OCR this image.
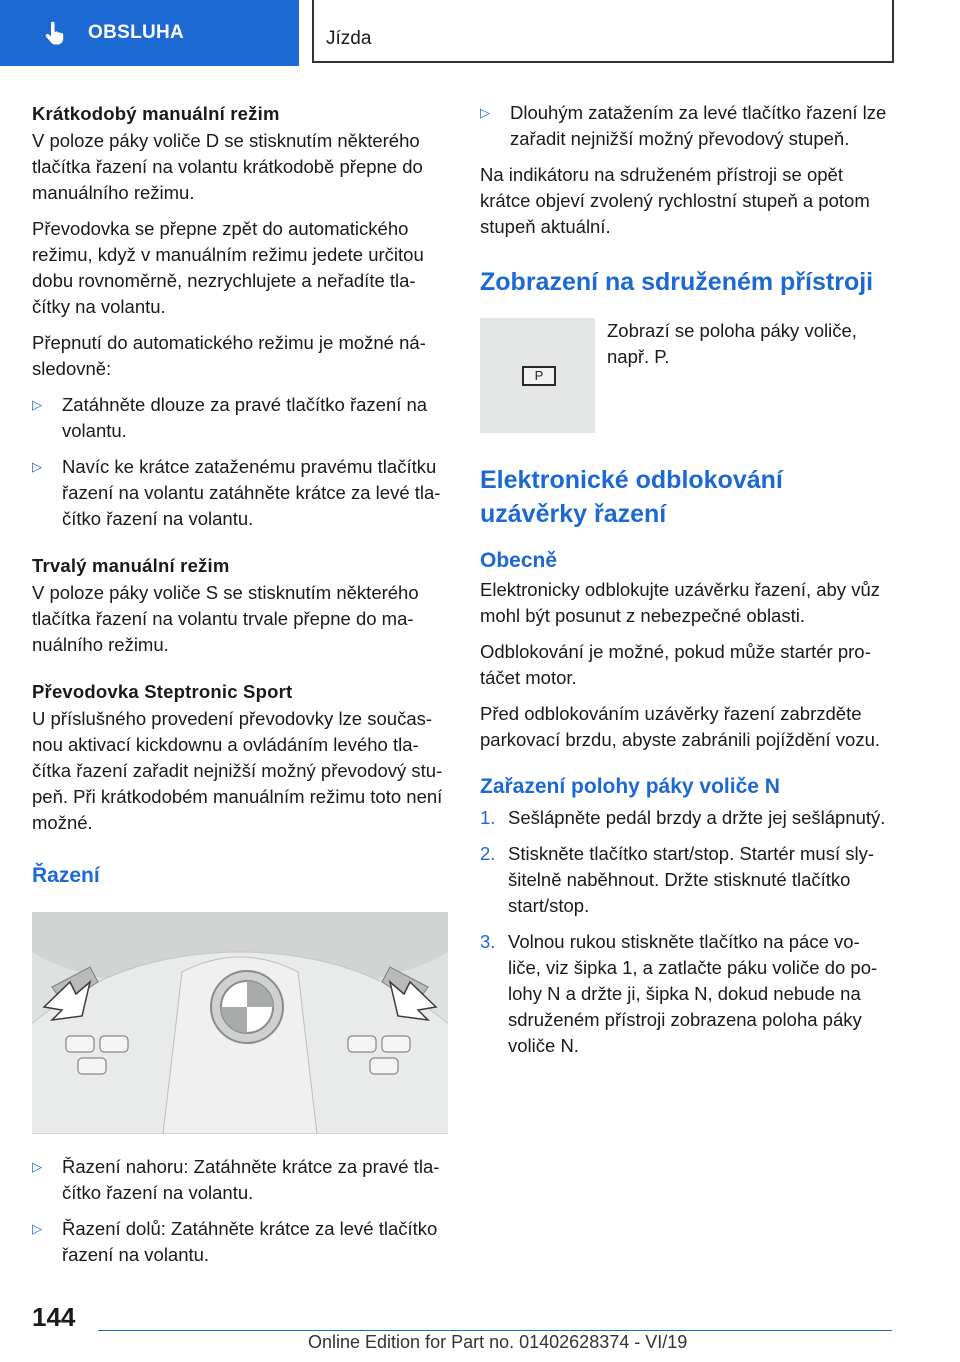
OBSLUHA	Jízda
Krátkodobý manuální režim

V poloze páky voliče D se stisknutím některého tlačítka řazení na volantu krátkodobě přepne do manuálního režimu.

Převodovka se přepne zpět do automatického režimu, když v manuálním režimu jedete určitou dobu rovnoměrně, nezrychlujete a neřadíte tla‐ čítky na volantu.

Přepnutí do automatického režimu je možné ná‐ sledovně:

▷	Zatáhněte dlouze za pravé tlačítko řazení na volantu.
▷	Navíc ke krátce zataženému pravému tlačítku řazení na volantu zatáhněte krátce za levé tla‐ čítko řazení na volantu.
Trvalý manuální režim

V poloze páky voliče S se stisknutím některého tlačítka řazení na volantu trvale přepne do ma‐ nuálního režimu.

Převodovka Steptronic Sport

U příslušného provedení převodovky lze součas‐ nou aktivací kickdownu a ovládáním levého tla‐ čítka řazení zařadit nejnižší možný převodový stu‐ peň. Při krátkodobém manuálním režimu toto není možné.

Řazení
▷	Řazení nahoru: Zatáhněte krátce za pravé tla‐ čítko řazení na volantu.
▷	Řazení dolů: Zatáhněte krátce za levé tlačítko řazení na volantu.
▷	Dlouhým zatažením za levé tlačítko řazení lze zařadit nejnižší možný převodový stupeň.

Na indikátoru na sdruženém přístroji se opět krátce objeví zvolený rychlostní stupeň a potom stupeň aktuální.

Zobrazení na sdruženém přístroji
P
Zobrazí se poloha páky voliče, např. P.
Elektronické odblokování uzávěrky řazení
Obecně

Elektronicky odblokujte uzávěrku řazení, aby vůz mohl být posunut z nebezpečné oblasti.

Odblokování je možné, pokud může startér pro‐ táčet motor.

Před odblokováním uzávěrky řazení zabrzděte parkovací brzdu, abyste zabránili pojíždění vozu.

Zařazení polohy páky voliče N
1. Sešlápněte pedál brzdy a držte jej sešlápnutý.
2. Stiskněte tlačítko start/stop. Startér musí sly‐ šitelně naběhnout. Držte stisknuté tlačítko start/stop.
3. Volnou rukou stiskněte tlačítko na páce vo‐ liče, viz šipka 1, a zatlačte páku voliče do po‐ lohy N a držte ji, šipka N, dokud nebude na sdruženém přístroji zobrazena poloha páky voliče N.
144
Online Edition for Part no. 01402628374 - VI/19
